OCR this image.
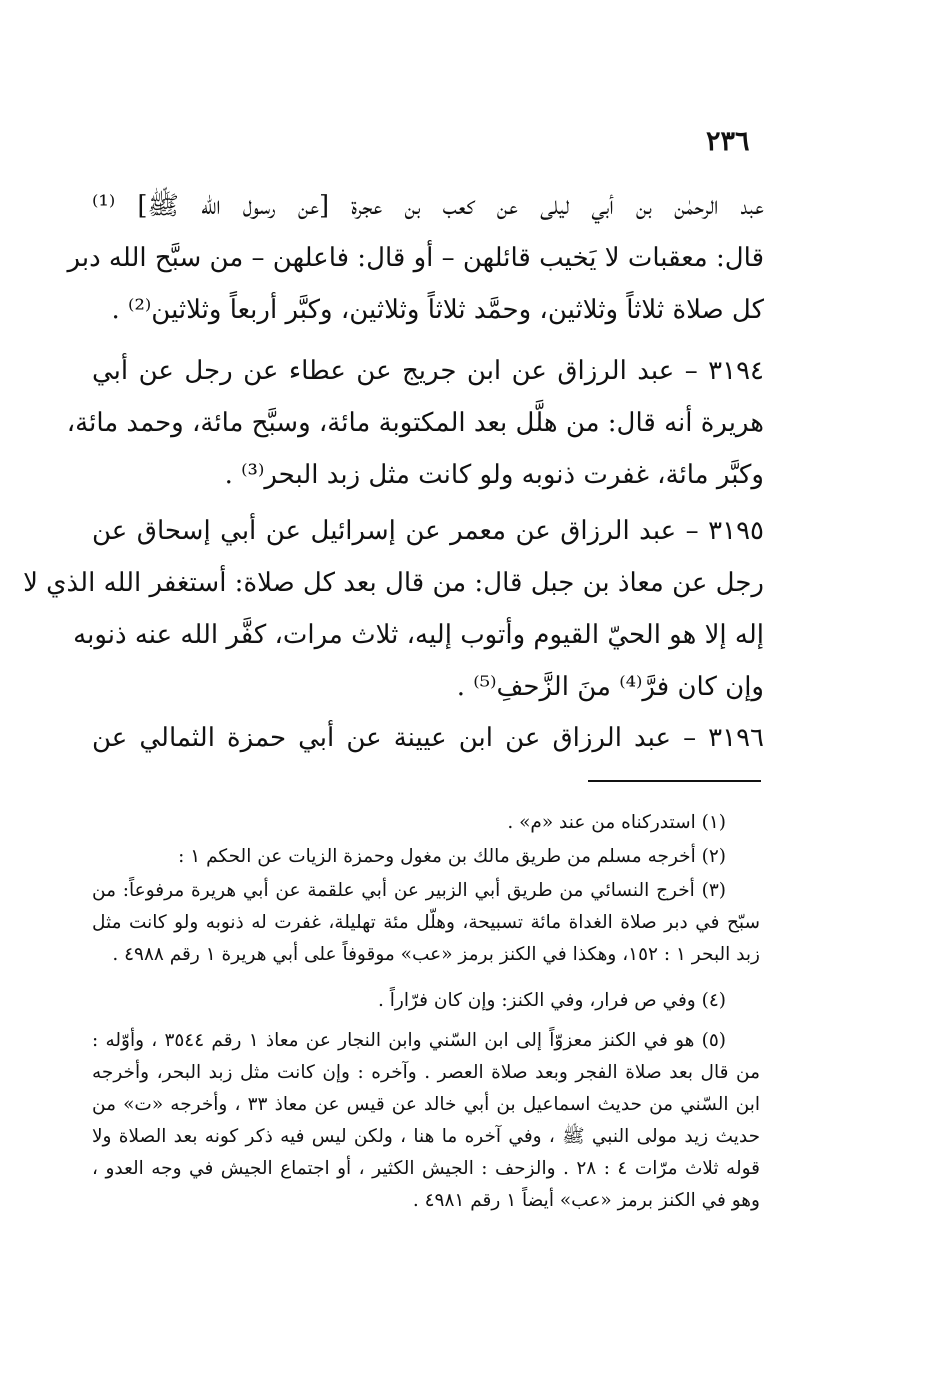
٢٣٦
عبد الرحمٰن بن أبي ليلى عن كعب بن عجرة [عن رسول الله ﷺ] ⁽¹⁾
قال: معقبات لا يَخيب قائلهن – أو قال: فاعلهن – من سبَّح الله دبر
كل صلاة ثلاثاً وثلاثين، وحمَّد ثلاثاً وثلاثين، وكبَّر أربعاً وثلاثين⁽²⁾ .
٣١٩٤ – عبد الرزاق عن ابن جريج عن عطاء عن رجل عن أبي
هريرة أنه قال: من هلَّل بعد المكتوبة مائة، وسبَّح مائة، وحمد مائة،
وكبَّر مائة، غفرت ذنوبه ولو كانت مثل زبد البحر⁽³⁾ .
٣١٩٥ – عبد الرزاق عن معمر عن إسرائيل عن أبي إسحاق عن
رجل عن معاذ بن جبل قال: من قال بعد كل صلاة: أستغفر الله الذي لا
إله إلا هو الحيّ القيوم وأتوب إليه، ثلاث مرات، كفَّر الله عنه ذنوبه
وإن كان فرَّ⁽⁴⁾ منَ الزَّحفِ⁽⁵⁾ .
٣١٩٦ – عبد الرزاق عن ابن عيينة عن أبي حمزة الثمالي عن
(١) استدركناه من عند «م» .
(٢) أخرجه مسلم من طريق مالك بن مغول وحمزة الزيات عن الحكم ١ :
(٣) أخرج النسائي من طريق أبي الزبير عن أبي علقمة عن أبي هريرة مرفوعاً: من
سبّح في دبر صلاة الغداة مائة تسبيحة، وهلّل مئة تهليلة، غفرت له ذنوبه ولو كانت مثل
زبد البحر ١ : ١٥٢، وهكذا في الكنز برمز «عب» موقوفاً على أبي هريرة ١ رقم ٤٩٨٨ .
(٤) وفي ص فرار، وفي الكنز: وإن كان فرّاراً .
(٥) هو في الكنز معزوّاً إلى ابن السّني وابن النجار عن معاذ ١ رقم ٣٥٤٤ ، وأوّله :
من قال بعد صلاة الفجر وبعد صلاة العصر . وآخره : وإن كانت مثل زبد البحر، وأخرجه
ابن السّني من حديث اسماعيل بن أبي خالد عن قيس عن معاذ ٣٣ ، وأخرجه «ت» من
حديث زيد مولى النبي ﷺ ، وفي آخره ما هنا ، ولكن ليس فيه ذكر كونه بعد الصلاة ولا
قوله ثلاث مرّات ٤ : ٢٨ . والزحف : الجيش الكثير ، أو اجتماع الجيش في وجه العدو ،
وهو في الكنز برمز «عب» أيضاً ١ رقم ٤٩٨١ .
